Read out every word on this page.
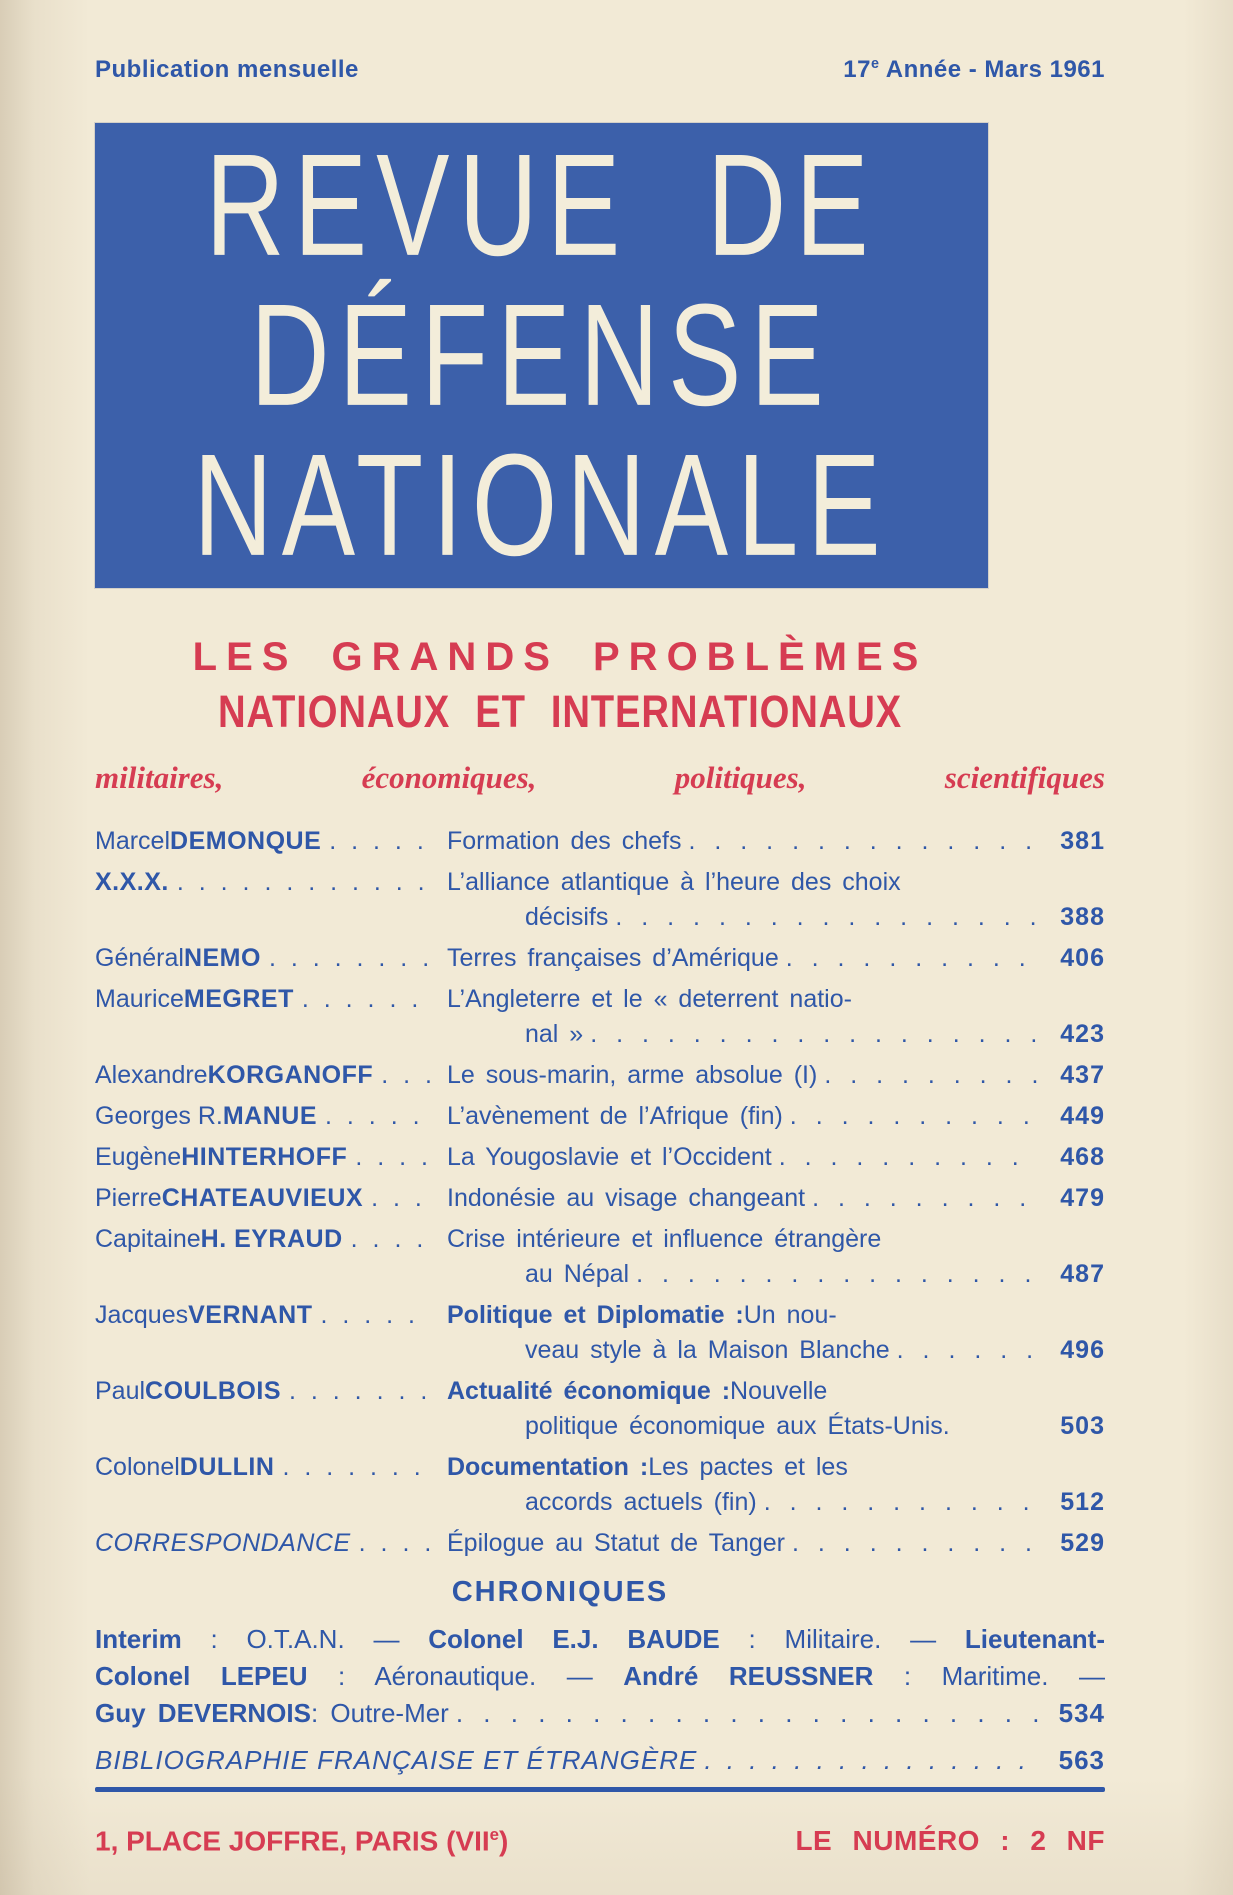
Publication mensuelle	17e Année - Mars 1961
REVUE DE
DÉFENSE
NATIONALE
LES GRANDS PROBLÈMES
NATIONAUX ET INTERNATIONAUX
militaires,	économiques,	politiques,	scientifiques
Marcel DEMONQUE . . .	Formation des chefs . . .	381
X.X.X. . . .	L’alliance atlantique à l’heure des choix
décisifs . . .	388
Général NEMO . . .	Terres françaises d’Amérique . . .	406
Maurice MEGRET . . .	L’Angleterre et le « deterrent natio-
nal » . . .	423
Alexandre KORGANOFF . . .	Le sous-marin, arme absolue (I) . . .	437
Georges R. MANUE . . .	L’avènement de l’Afrique (fin) . . .	449
Eugène HINTERHOFF . . .	La Yougoslavie et l’Occident . . .	468
Pierre CHATEAUVIEUX . . .	Indonésie au visage changeant . . .	479
Capitaine H. EYRAUD . . .	Crise intérieure et influence étrangère
au Népal . . .	487
Jacques VERNANT . . .	Politique et Diplomatie : Un nou-
veau style à la Maison Blanche . . .	496
Paul COULBOIS . . .	Actualité économique : Nouvelle
politique économique aux États-Unis.	503
Colonel DULLIN . . .	Documentation : Les pactes et les
accords actuels (fin) . . .	512
CORRESPONDANCE . . .	Épilogue au Statut de Tanger . . .	529
CHRONIQUES
Interim : O.T.A.N. — Colonel E.J. BAUDE : Militaire. — Lieutenant-
Colonel LEPEU : Aéronautique. — André REUSSNER : Maritime. —
Guy DEVERNOIS : Outre-Mer . . .	534
BIBLIOGRAPHIE FRANÇAISE ET ÉTRANGÈRE . . .	563
1, PLACE JOFFRE, PARIS (VIIe)	LE NUMÉRO : 2 NF
